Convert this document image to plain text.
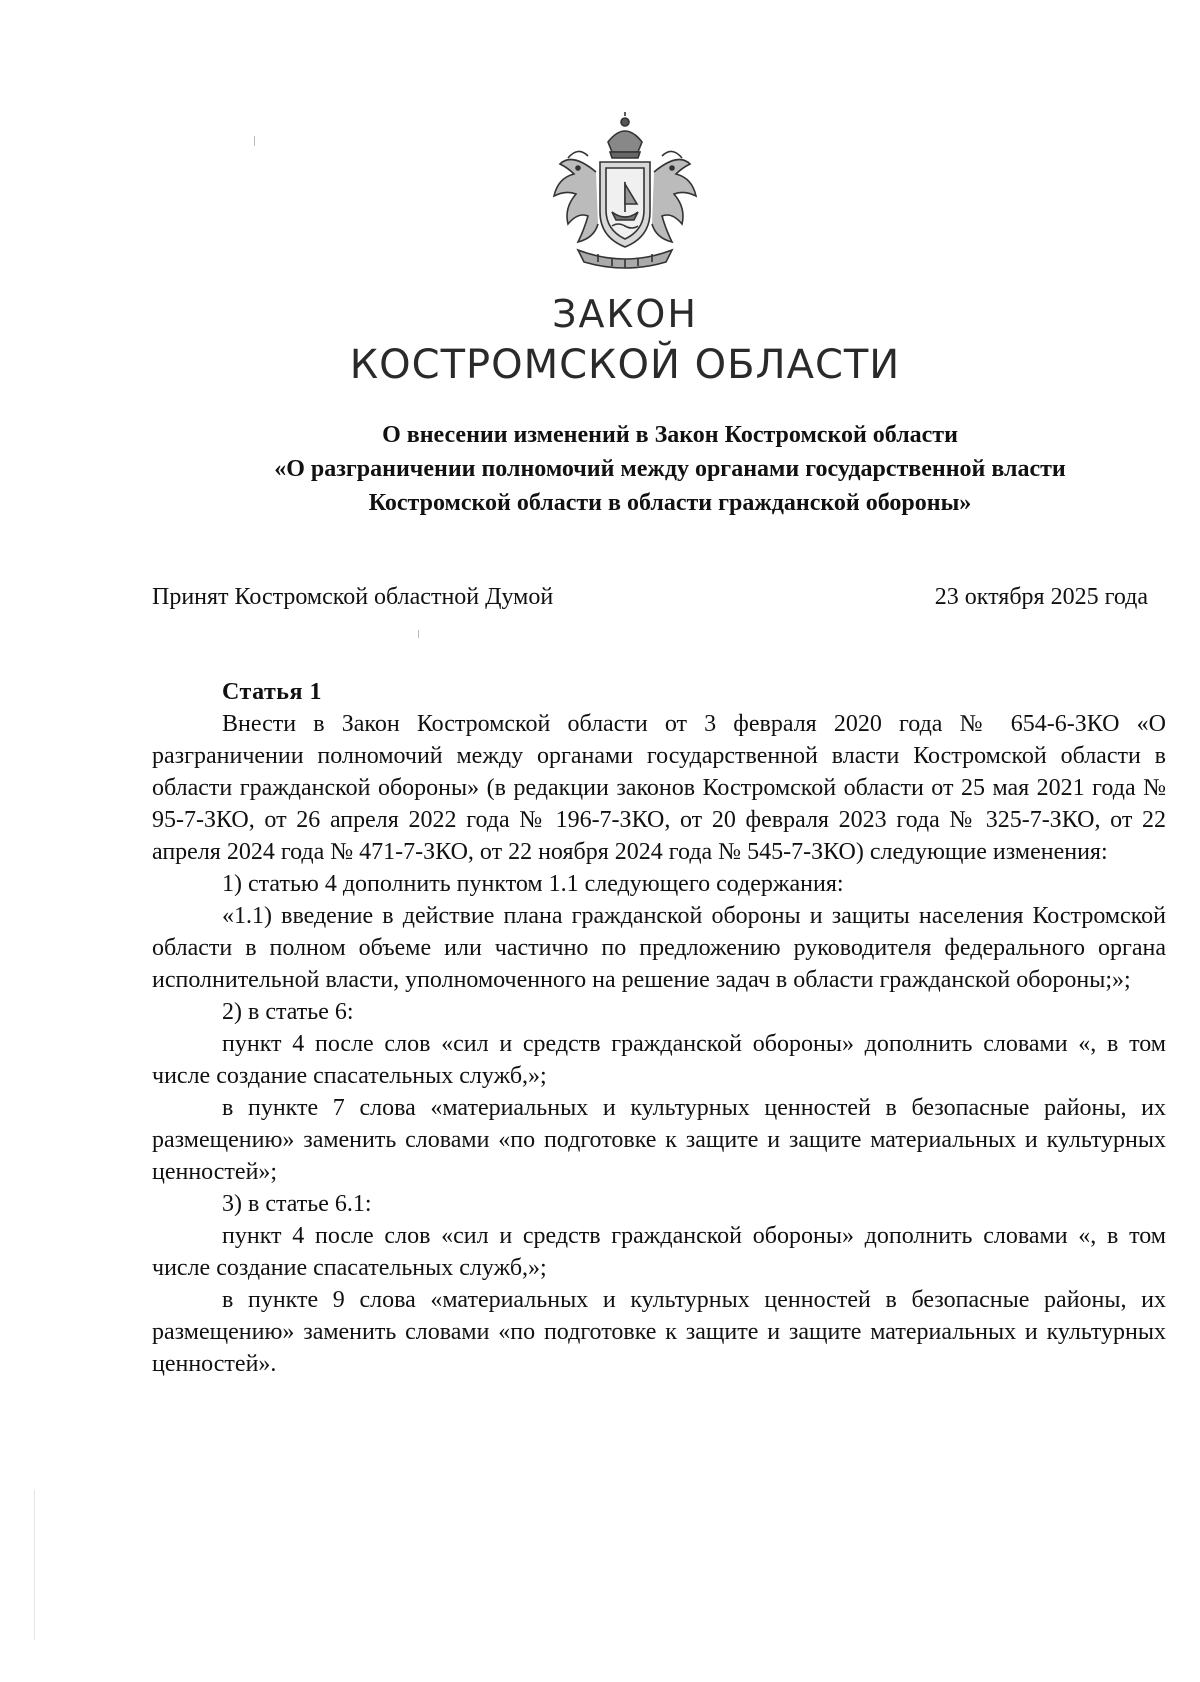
ЗАКОН
КОСТРОМСКОЙ ОБЛАСТИ
О внесении изменений в Закон Костромской области
«О разграничении полномочий между органами государственной власти
Костромской области в области гражданской обороны»
Принят Костромской областной Думой	23 октября 2025 года
Статья 1

Внести в Закон Костромской области от 3 февраля 2020 года № 654-6-ЗКО «О разграничении полномочий между органами государственной власти Костромской области в области гражданской обороны» (в редакции законов Костромской области от 25 мая 2021 года № 95-7-ЗКО, от 26 апреля 2022 года № 196-7-ЗКО, от 20 февраля 2023 года № 325-7-ЗКО, от 22 апреля 2024 года № 471-7-ЗКО, от 22 ноября 2024 года № 545-7-ЗКО) следующие изменения:

1) статью 4 дополнить пунктом 1.1 следующего содержания:

«1.1) введение в действие плана гражданской обороны и защиты населения Костромской области в полном объеме или частично по предложению руководителя федерального органа исполнительной власти, уполномоченного на решение задач в области гражданской обороны;»;

2) в статье 6:

пункт 4 после слов «сил и средств гражданской обороны» дополнить словами «, в том числе создание спасательных служб,»;

в пункте 7 слова «материальных и культурных ценностей в безопасные районы, их размещению» заменить словами «по подготовке к защите и защите материальных и культурных ценностей»;

3) в статье 6.1:

пункт 4 после слов «сил и средств гражданской обороны» дополнить словами «, в том числе создание спасательных служб,»;

в пункте 9 слова «материальных и культурных ценностей в безопасные районы, их размещению» заменить словами «по подготовке к защите и защите материальных и культурных ценностей».
